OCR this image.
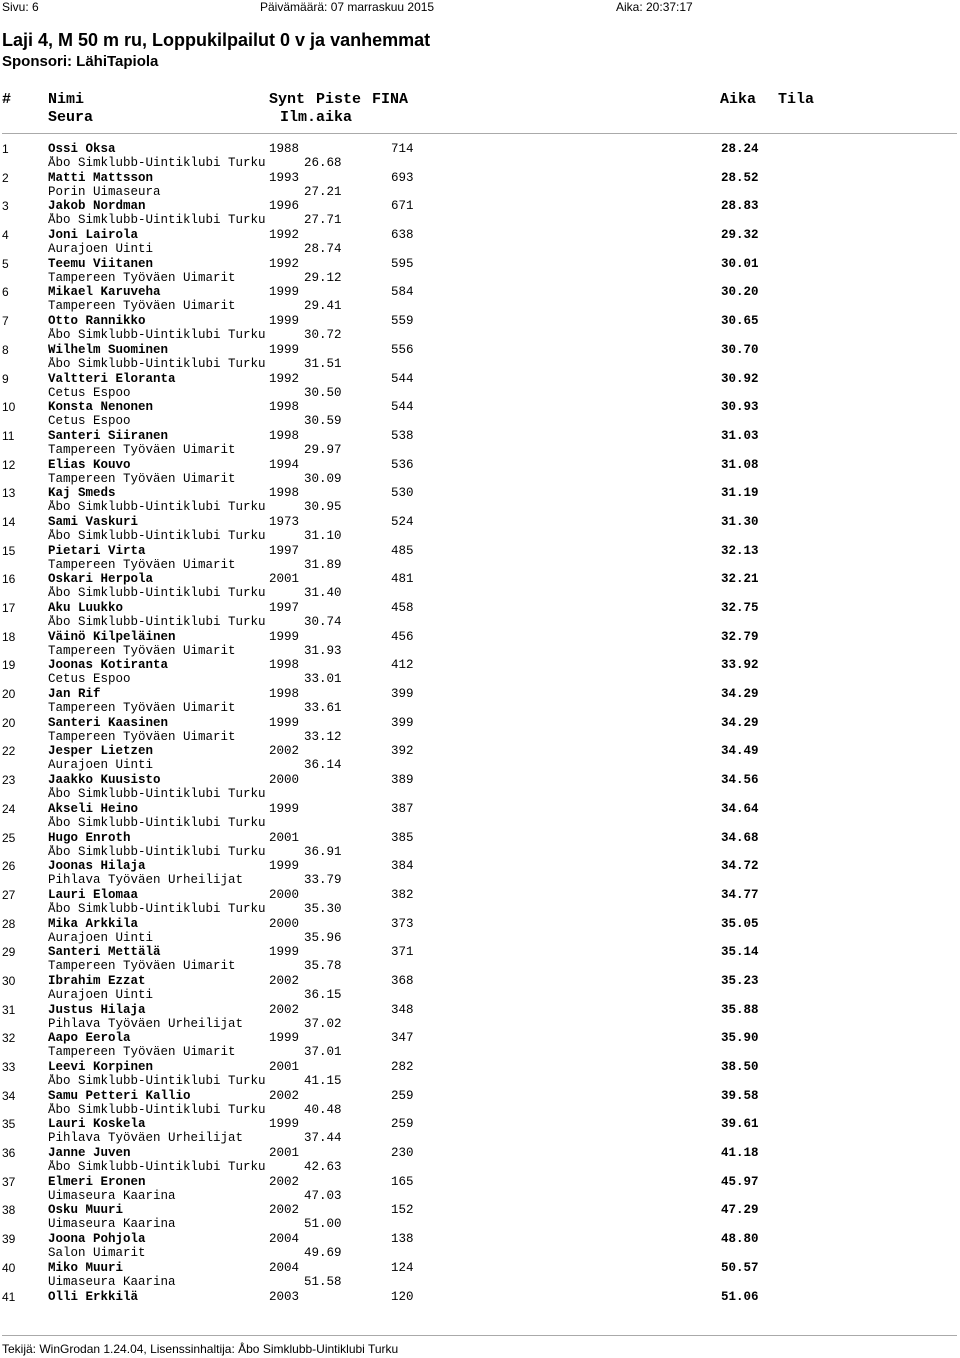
Sivu: 6	Päivämäärä: 07 marraskuu 2015	Aika: 20:37:17
Laji 4, M 50 m ru, Loppukilpailut 0 v ja vanhemmat
Sponsori: LähiTapiola
# Nimi	Synt Piste FINA	Aika Tila
Seura	Ilm.aika
1	Ossi Oksa	1988	714	28.24
Åbo Simklubb-Uintiklubi Turku	26.68
2	Matti Mattsson	1993	693	28.52
Porin Uimaseura	27.21
3	Jakob Nordman	1996	671	28.83
Åbo Simklubb-Uintiklubi Turku	27.71
4	Joni Lairola	1992	638	29.32
Aurajoen Uinti	28.74
5	Teemu Viitanen	1992	595	30.01
Tampereen Työväen Uimarit	29.12
6	Mikael Karuveha	1999	584	30.20
Tampereen Työväen Uimarit	29.41
7	Otto Rannikko	1999	559	30.65
Åbo Simklubb-Uintiklubi Turku	30.72
8	Wilhelm Suominen	1999	556	30.70
Åbo Simklubb-Uintiklubi Turku	31.51
9	Valtteri Eloranta	1992	544	30.92
Cetus Espoo	30.50
10	Konsta Nenonen	1998	544	30.93
Cetus Espoo	30.59
11	Santeri Siiranen	1998	538	31.03
Tampereen Työväen Uimarit	29.97
12	Elias Kouvo	1994	536	31.08
Tampereen Työväen Uimarit	30.09
13	Kaj Smeds	1998	530	31.19
Åbo Simklubb-Uintiklubi Turku	30.95
14	Sami Vaskuri	1973	524	31.30
Åbo Simklubb-Uintiklubi Turku	31.10
15	Pietari Virta	1997	485	32.13
Tampereen Työväen Uimarit	31.89
16	Oskari Herpola	2001	481	32.21
Åbo Simklubb-Uintiklubi Turku	31.40
17	Aku Luukko	1997	458	32.75
Åbo Simklubb-Uintiklubi Turku	30.74
18	Väinö Kilpeläinen	1999	456	32.79
Tampereen Työväen Uimarit	31.93
19	Joonas Kotiranta	1998	412	33.92
Cetus Espoo	33.01
20	Jan Rif	1998	399	34.29
Tampereen Työväen Uimarit	33.61
20	Santeri Kaasinen	1999	399	34.29
Tampereen Työväen Uimarit	33.12
22	Jesper Lietzen	2002	392	34.49
Aurajoen Uinti	36.14
23	Jaakko Kuusisto	2000	389	34.56
Åbo Simklubb-Uintiklubi Turku
24	Akseli Heino	1999	387	34.64
Åbo Simklubb-Uintiklubi Turku
25	Hugo Enroth	2001	385	34.68
Åbo Simklubb-Uintiklubi Turku	36.91
26	Joonas Hilaja	1999	384	34.72
Pihlava Työväen Urheilijat	33.79
27	Lauri Elomaa	2000	382	34.77
Åbo Simklubb-Uintiklubi Turku	35.30
28	Mika Arkkila	2000	373	35.05
Aurajoen Uinti	35.96
29	Santeri Mettälä	1999	371	35.14
Tampereen Työväen Uimarit	35.78
30	Ibrahim Ezzat	2002	368	35.23
Aurajoen Uinti	36.15
31	Justus Hilaja	2002	348	35.88
Pihlava Työväen Urheilijat	37.02
32	Aapo Eerola	1999	347	35.90
Tampereen Työväen Uimarit	37.01
33	Leevi Korpinen	2001	282	38.50
Åbo Simklubb-Uintiklubi Turku	41.15
34	Samu Petteri Kallio	2002	259	39.58
Åbo Simklubb-Uintiklubi Turku	40.48
35	Lauri Koskela	1999	259	39.61
Pihlava Työväen Urheilijat	37.44
36	Janne Juven	2001	230	41.18
Åbo Simklubb-Uintiklubi Turku	42.63
37	Elmeri Eronen	2002	165	45.97
Uimaseura Kaarina	47.03
38	Osku Muuri	2002	152	47.29
Uimaseura Kaarina	51.00
39	Joona Pohjola	2004	138	48.80
Salon Uimarit	49.69
40	Miko Muuri	2004	124	50.57
Uimaseura Kaarina	51.58
41	Olli Erkkilä	2003	120	51.06
Tekijä: WinGrodan 1.24.04, Lisenssinhaltija: Åbo Simklubb-Uintiklubi Turku
